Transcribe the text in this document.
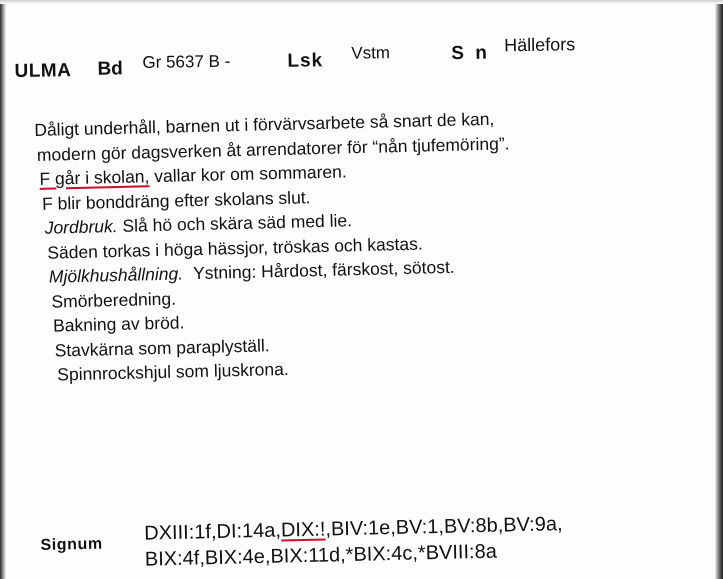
ULMA Bd Gr 5637 B -	Lsk Vstm	S n Hällefors
Dåligt underhåll, barnen ut i förvärvsarbete så snart de kan,
modern gör dagsverken åt arrendatorer för “nån tjufemöring”.
F går i skolan, vallar kor om sommaren.
F blir bonddräng efter skolans slut.
Jordbruk. Slå hö och skära säd med lie.
Säden torkas i höga hässjor, tröskas och kastas.
Mjölkhushållning. Ystning: Hårdost, färskost, sötost.
Smörberedning.
Bakning av bröd.
Stavkärna som paraplyställ.
Spinnrockshjul som ljuskrona.
Signum
DXIII:1f,DI:14a,DIX:!,BIV:1e,BV:1,BV:8b,BV:9a,
BIX:4f,BIX:4e,BIX:11d,*BIX:4c,*BVIII:8a
